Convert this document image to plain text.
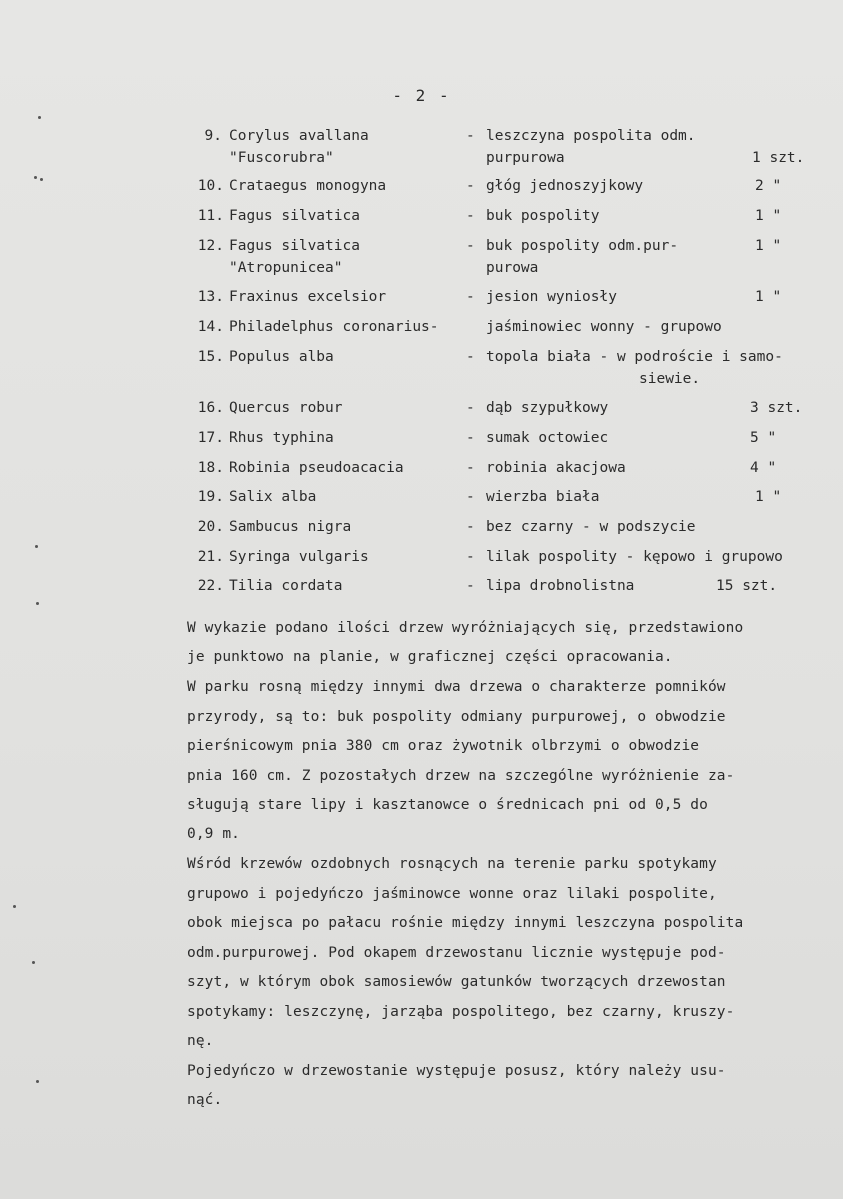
- 2 -
9. Corylus avallana	- leszczyna pospolita odm.
"Fuscorubra"	purpurowa	1 szt.
10. Crataegus monogyna	- głóg jednoszyjkowy	2 "
11. Fagus silvatica	- buk pospolity	1 "
12. Fagus silvatica	- buk pospolity odm.pur-	1 "
"Atropunicea"	purowa
13. Fraxinus excelsior	- jesion wyniosły	1 "
14. Philadelphus coronarius-	jaśminowiec wonny - grupowo
15. Populus alba	- topola biała - w podroście i samo-
siewie.
16. Quercus robur	- dąb szypułkowy	3 szt.
17. Rhus typhina	- sumak octowiec	5 "
18. Robinia pseudoacacia	- robinia akacjowa	4 "
19. Salix alba	- wierzba biała	1 "
20. Sambucus nigra	- bez czarny - w podszycie
21. Syringa vulgaris	- lilak pospolity - kępowo i grupowo
22. Tilia cordata	- lipa drobnolistna	15 szt.
W wykazie podano ilości drzew wyróżniających się, przedstawiono
je punktowo na planie, w graficznej części opracowania.
W parku rosną między innymi dwa drzewa o charakterze pomników
przyrody, są to: buk pospolity odmiany purpurowej, o obwodzie
pierśnicowym pnia 380 cm oraz żywotnik olbrzymi o obwodzie
pnia 160 cm. Z pozostałych drzew na szczególne wyróżnienie za-
sługują stare lipy i kasztanowce o średnicach pni od 0,5 do
0,9 m.
Wśród krzewów ozdobnych rosnących na terenie parku spotykamy
grupowo i pojedyńczo jaśminowce wonne oraz lilaki pospolite,
obok miejsca po pałacu rośnie między innymi leszczyna pospolita
odm.purpurowej. Pod okapem drzewostanu licznie występuje pod-
szyt, w którym obok samosiewów gatunków tworzących drzewostan
spotykamy: leszczynę, jarząba pospolitego, bez czarny, kruszy-
nę.
Pojedyńczo w drzewostanie występuje posusz, który należy usu-
nąć.
